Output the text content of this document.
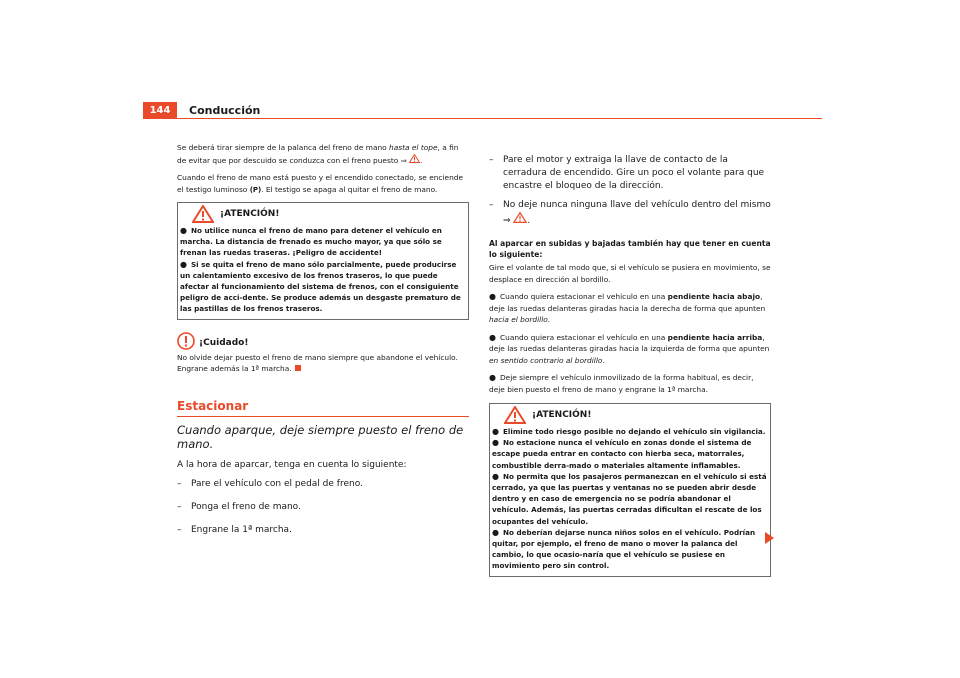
144	Conducción

Se deberá tirar siempre de la palanca del freno de mano hasta el tope, a fin de evitar que por descuido se conduzca con el freno puesto ⇒ .

Cuando el freno de mano está puesto y el encendido conectado, se enciende el testigo luminoso (P). El testigo se apaga al quitar el freno de mano.

¡ATENCIÓN!
● No utilice nunca el freno de mano para detener el vehículo en marcha. La distancia de frenado es mucho mayor, ya que sólo se frenan las ruedas traseras. ¡Peligro de accidente!
● Si se quita el freno de mano sólo parcialmente, puede producirse un calentamiento excesivo de los frenos traseros, lo que puede afectar al funcionamiento del sistema de frenos, con el consiguiente peligro de acci-dente. Se produce además un desgaste prematuro de las pastillas de los frenos traseros.
¡Cuidado!

No olvide dejar puesto el freno de mano siempre que abandone el vehículo. Engrane además la 1ª marcha.

Estacionar
Cuando aparque, deje siempre puesto el freno de mano.

A la hora de aparcar, tenga en cuenta lo siguiente:

–	Pare el vehículo con el pedal de freno.
–	Ponga el freno de mano.
–	Engrane la 1ª marcha.
–	Pare el motor y extraiga la llave de contacto de la cerradura de encendido. Gire un poco el volante para que encastre el bloqueo de la dirección.
–	No deje nunca ninguna llave del vehículo dentro del mismo
⇒ .
Al aparcar en subidas y bajadas también hay que tener en cuenta lo siguiente:

Gire el volante de tal modo que, si el vehículo se pusiera en movimiento, se desplace en dirección al bordillo.

● Cuando quiera estacionar el vehículo en una pendiente hacia abajo, deje las ruedas delanteras giradas hacia la derecha de forma que apunten hacia el bordillo.

● Cuando quiera estacionar el vehículo en una pendiente hacia arriba, deje las ruedas delanteras giradas hacia la izquierda de forma que apunten en sentido contrario al bordillo.

● Deje siempre el vehículo inmovilizado de la forma habitual, es decir, deje bien puesto el freno de mano y engrane la 1ª marcha.

¡ATENCIÓN!
● Elimine todo riesgo posible no dejando el vehículo sin vigilancia.
● No estacione nunca el vehículo en zonas donde el sistema de escape pueda entrar en contacto con hierba seca, matorrales, combustible derra-mado o materiales altamente inflamables.
● No permita que los pasajeros permanezcan en el vehículo si está cerrado, ya que las puertas y ventanas no se pueden abrir desde dentro y en caso de emergencia no se podría abandonar el vehículo. Además, las puertas cerradas dificultan el rescate de los ocupantes del vehículo.
● No deberían dejarse nunca niños solos en el vehículo. Podrían quitar, por ejemplo, el freno de mano o mover la palanca del cambio, lo que ocasio-naría que el vehículo se pusiese en movimiento pero sin control.
